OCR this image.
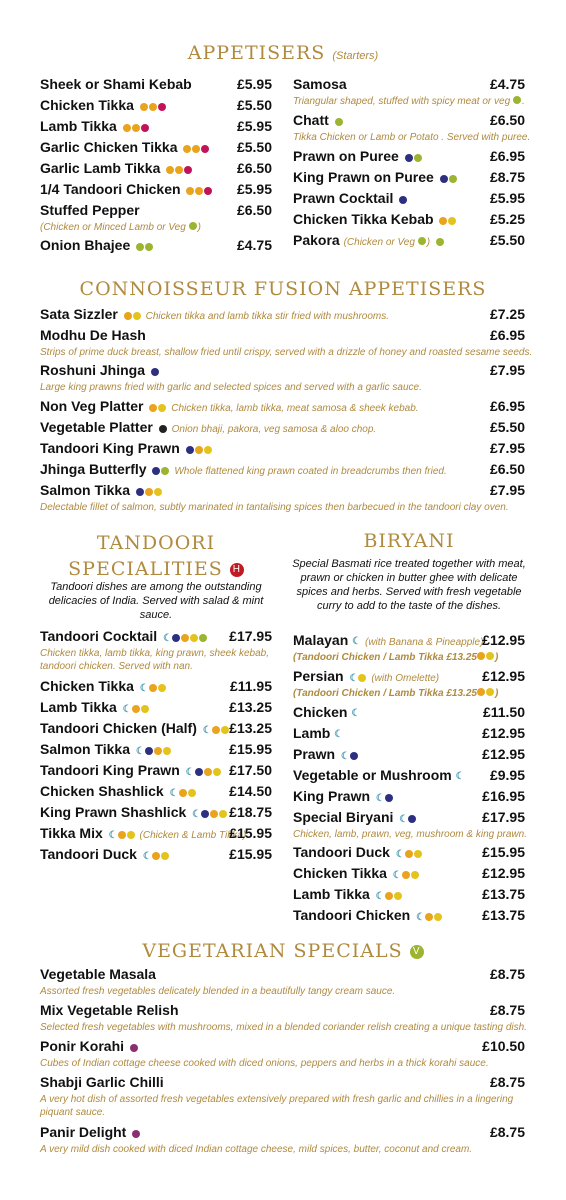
APPETISERS (Starters)
Sheek or Shami Kebab	£5.95
Chicken Tikka	£5.50
Lamb Tikka	£5.95
Garlic Chicken Tikka	£5.50
Garlic Lamb Tikka	£6.50
1/4 Tandoori Chicken	£5.95
Stuffed Pepper	£6.50
(Chicken or Minced Lamb or Veg )
Onion Bhajee	£4.75
Samosa	£4.75
Triangular shaped, stuffed with spicy meat or veg .
Chatt	£6.50
Tikka Chicken or Lamb or Potato . Served with puree.
Prawn on Puree	£6.95
King Prawn on Puree	£8.75
Prawn Cocktail	£5.95
Chicken Tikka Kebab	£5.25
Pakora (Chicken or Veg )	£5.50
CONNOISSEUR FUSION APPETISERS
Sata Sizzler	Chicken tikka and lamb tikka stir fried with mushrooms.	£7.25
Modhu De Hash	£6.95
Strips of prime duck breast, shallow fried until crispy, served with a drizzle of honey and roasted sesame seeds.
Roshuni Jhinga	£7.95
Large king prawns fried with garlic and selected spices and served with a garlic sauce.
Non Veg Platter	Chicken tikka, lamb tikka, meat samosa & sheek kebab.	£6.95
Vegetable Platter Onion bhaji, pakora, veg samosa & aloo chop.	£5.50
Tandoori King Prawn	£7.95
Jhinga Butterfly	Whole flattened king prawn coated in breadcrumbs then fried.	£6.50
Salmon Tikka	£7.95
Delectable fillet of salmon, subtly marinated in tantalising spices then barbecued in the tandoori clay oven.
TANDOORI
SPECIALITIES H
Tandoori dishes are among the outstanding delicacies of India. Served with salad & mint sauce.
Tandoori Cocktail ☾	£17.95
Chicken tikka, lamb tikka, king prawn, sheek kebab, tandoori chicken. Served with nan.
Chicken Tikka ☾	£11.95
Lamb Tikka ☾	£13.25
Tandoori Chicken (Half) ☾ £13.25
Salmon Tikka ☾	£15.95
Tandoori King Prawn ☾ £17.50
Chicken Shashlick ☾	£14.50
King Prawn Shashlick ☾ £18.75
Tikka Mix ☾ (Chicken & Lamb Tikka)
£15.95
Tandoori Duck ☾	£15.95
BIRYANI
Special Basmati rice treated together with meat, prawn or chicken in butter ghee with delicate spices and herbs. Served with fresh vegetable curry to add to the taste of the dishes.
Malayan ☾ (with Banana & Pineapple)
£12.95
(Tandoori Chicken / Lamb Tikka £13.25 )
Persian ☾ (with Omelette)	£12.95
(Tandoori Chicken / Lamb Tikka £13.25 )
Chicken ☾	£11.50
Lamb ☾	£12.95
Prawn ☾	£12.95
Vegetable or Mushroom ☾ £9.95
King Prawn ☾	£16.95
Special Biryani ☾	£17.95
Chicken, lamb, prawn, veg, mushroom & king prawn.
Tandoori Duck ☾	£15.95
Chicken Tikka ☾	£12.95
Lamb Tikka ☾	£13.75
Tandoori Chicken ☾	£13.75
VEGETARIAN SPECIALS V
Vegetable Masala	£8.75
Assorted fresh vegetables delicately blended in a beautifully tangy cream sauce.
Mix Vegetable Relish	£8.75
Selected fresh vegetables with mushrooms, mixed in a blended coriander relish creating a unique tasting dish.
Ponir Korahi	£10.50
Cubes of Indian cottage cheese cooked with diced onions, peppers and herbs in a thick korahi sauce.
Shabji Garlic Chilli	£8.75
A very hot dish of assorted fresh vegetables extensively prepared with fresh garlic and chillies in a lingering piquant sauce.
Panir Delight	£8.75
A very mild dish cooked with diced Indian cottage cheese, mild spices, butter, coconut and cream.
